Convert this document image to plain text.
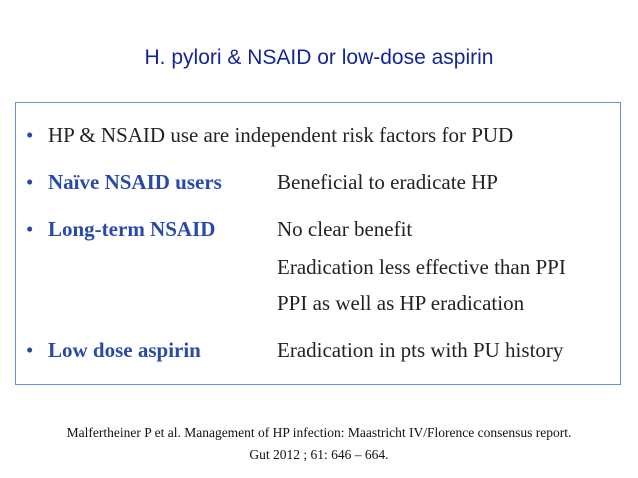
H. pylori & NSAID or low-dose aspirin
• HP & NSAID use are independent risk factors for PUD
• Naïve NSAID users	Beneficial to eradicate HP
• Long-term NSAID	No clear benefit
Eradication less effective than PPI
PPI as well as HP eradication
• Low dose aspirin	Eradication in pts with PU history
Malfertheiner P et al. Management of HP infection: Maastricht IV/Florence consensus report.
Gut 2012 ; 61: 646 – 664.
